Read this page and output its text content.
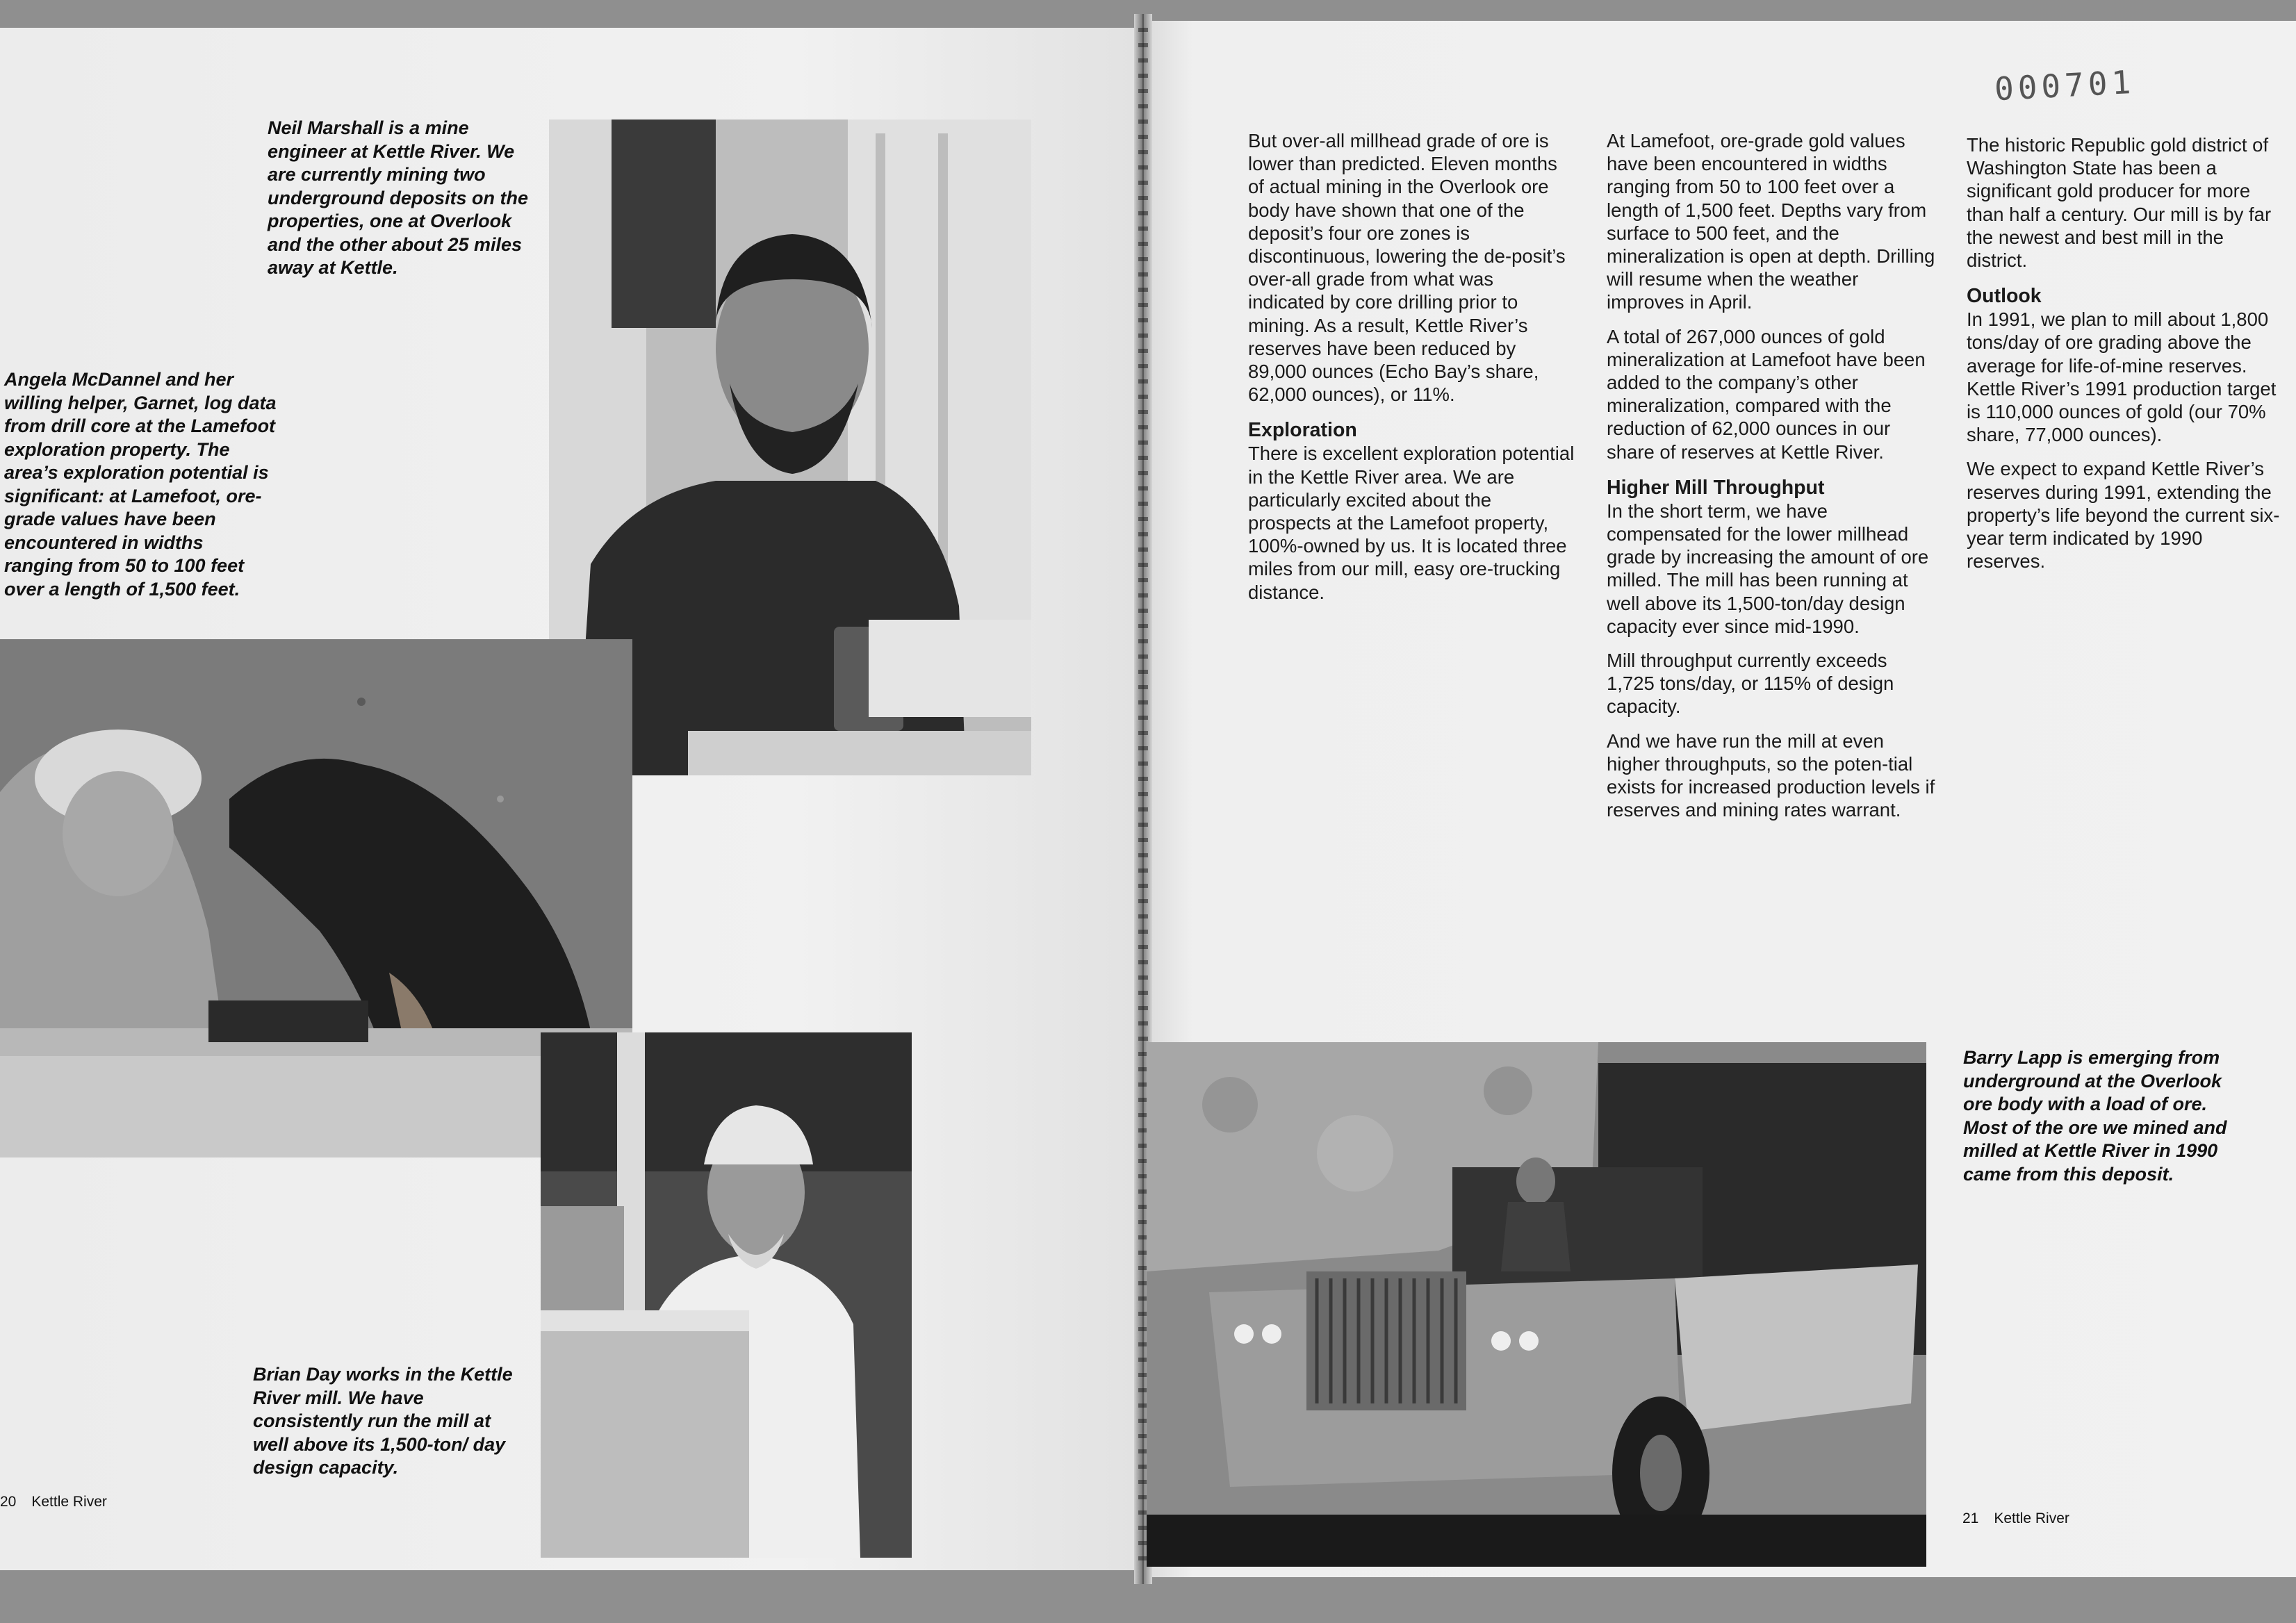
Neil Marshall is a mine engineer at Kettle River. We are currently mining two underground deposits on the properties, one at Overlook and the other about 25 miles away at Kettle.
Angela McDannel and her willing helper, Garnet, log data from drill core at the Lamefoot exploration property. The area’s exploration potential is significant: at Lamefoot, ore-grade values have been encountered in widths ranging from 50 to 100 feet over a length of 1,500 feet.
Brian Day works in the Kettle River mill. We have consistently run the mill at well above its 1,500-ton/ day design capacity.
20 Kettle River
000701

But over-all millhead grade of ore is lower than predicted. Eleven months of actual mining in the Overlook ore body have shown that one of the deposit’s four ore zones is discontinuous, lowering the de-posit’s over-all grade from what was indicated by core drilling prior to mining. As a result, Kettle River’s reserves have been reduced by 89,000 ounces (Echo Bay’s share, 62,000 ounces), or 11%.

Exploration

There is excellent exploration potential in the Kettle River area. We are particularly excited about the prospects at the Lamefoot property, 100%-owned by us. It is located three miles from our mill, easy ore-trucking distance.

At Lamefoot, ore-grade gold values have been encountered in widths ranging from 50 to 100 feet over a length of 1,500 feet. Depths vary from surface to 500 feet, and the mineralization is open at depth. Drilling will resume when the weather improves in April.

A total of 267,000 ounces of gold mineralization at Lamefoot have been added to the company’s other mineralization, compared with the reduction of 62,000 ounces in our share of reserves at Kettle River.

Higher Mill Throughput

In the short term, we have compensated for the lower millhead grade by increasing the amount of ore milled. The mill has been running at well above its 1,500-ton/day design capacity ever since mid-1990.

Mill throughput currently exceeds 1,725 tons/day, or 115% of design capacity.

And we have run the mill at even higher throughputs, so the poten-tial exists for increased production levels if reserves and mining rates warrant.

The historic Republic gold district of Washington State has been a significant gold producer for more than half a century. Our mill is by far the newest and best mill in the district.

Outlook

In 1991, we plan to mill about 1,800 tons/day of ore grading above the average for life-of-mine reserves. Kettle River’s 1991 production target is 110,000 ounces of gold (our 70% share, 77,000 ounces).

We expect to expand Kettle River’s reserves during 1991, extending the property’s life beyond the current six-year term indicated by 1990 reserves.

Barry Lapp is emerging from underground at the Overlook ore body with a load of ore. Most of the ore we mined and milled at Kettle River in 1990 came from this deposit.
21 Kettle River
